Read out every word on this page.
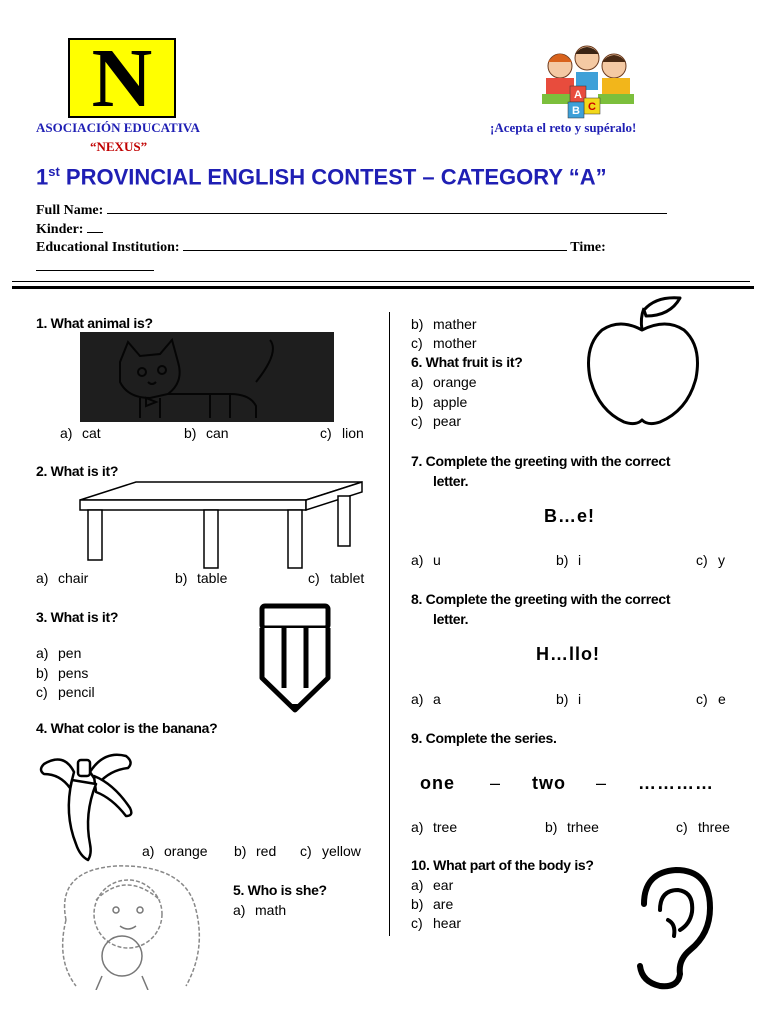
N	A
B C
ASOCIACIÓN EDUCATIVA
“NEXUS”
¡Acepta el reto y supéralo!
1st PROVINCIAL ENGLISH CONTEST – CATEGORY “A”
Full Name:
Kinder:
Educational Institution:	Time:
1. What animal is?
a) cat	b) can	c) lion
2. What is it?
a) chair	b) table	c) tablet
3. What is it?
a) pen
b) pens
c) pencil
4. What color is the banana?
a) orange b) red c) yellow
5. Who is she?
a) math
b) mather
c) mother
6. What fruit is it?
a) orange
b) apple
c) pear
7. Complete the greeting with the correct
letter.
B…e!
a) u	b) i	c) y
8. Complete the greeting with the correct
letter.
H…llo!
a) a	b) i	c) e
9. Complete the series.
one – two – …………
a) tree	b) trhee	c) three
10. What part of the body is?
a) ear
b) are
c) hear
